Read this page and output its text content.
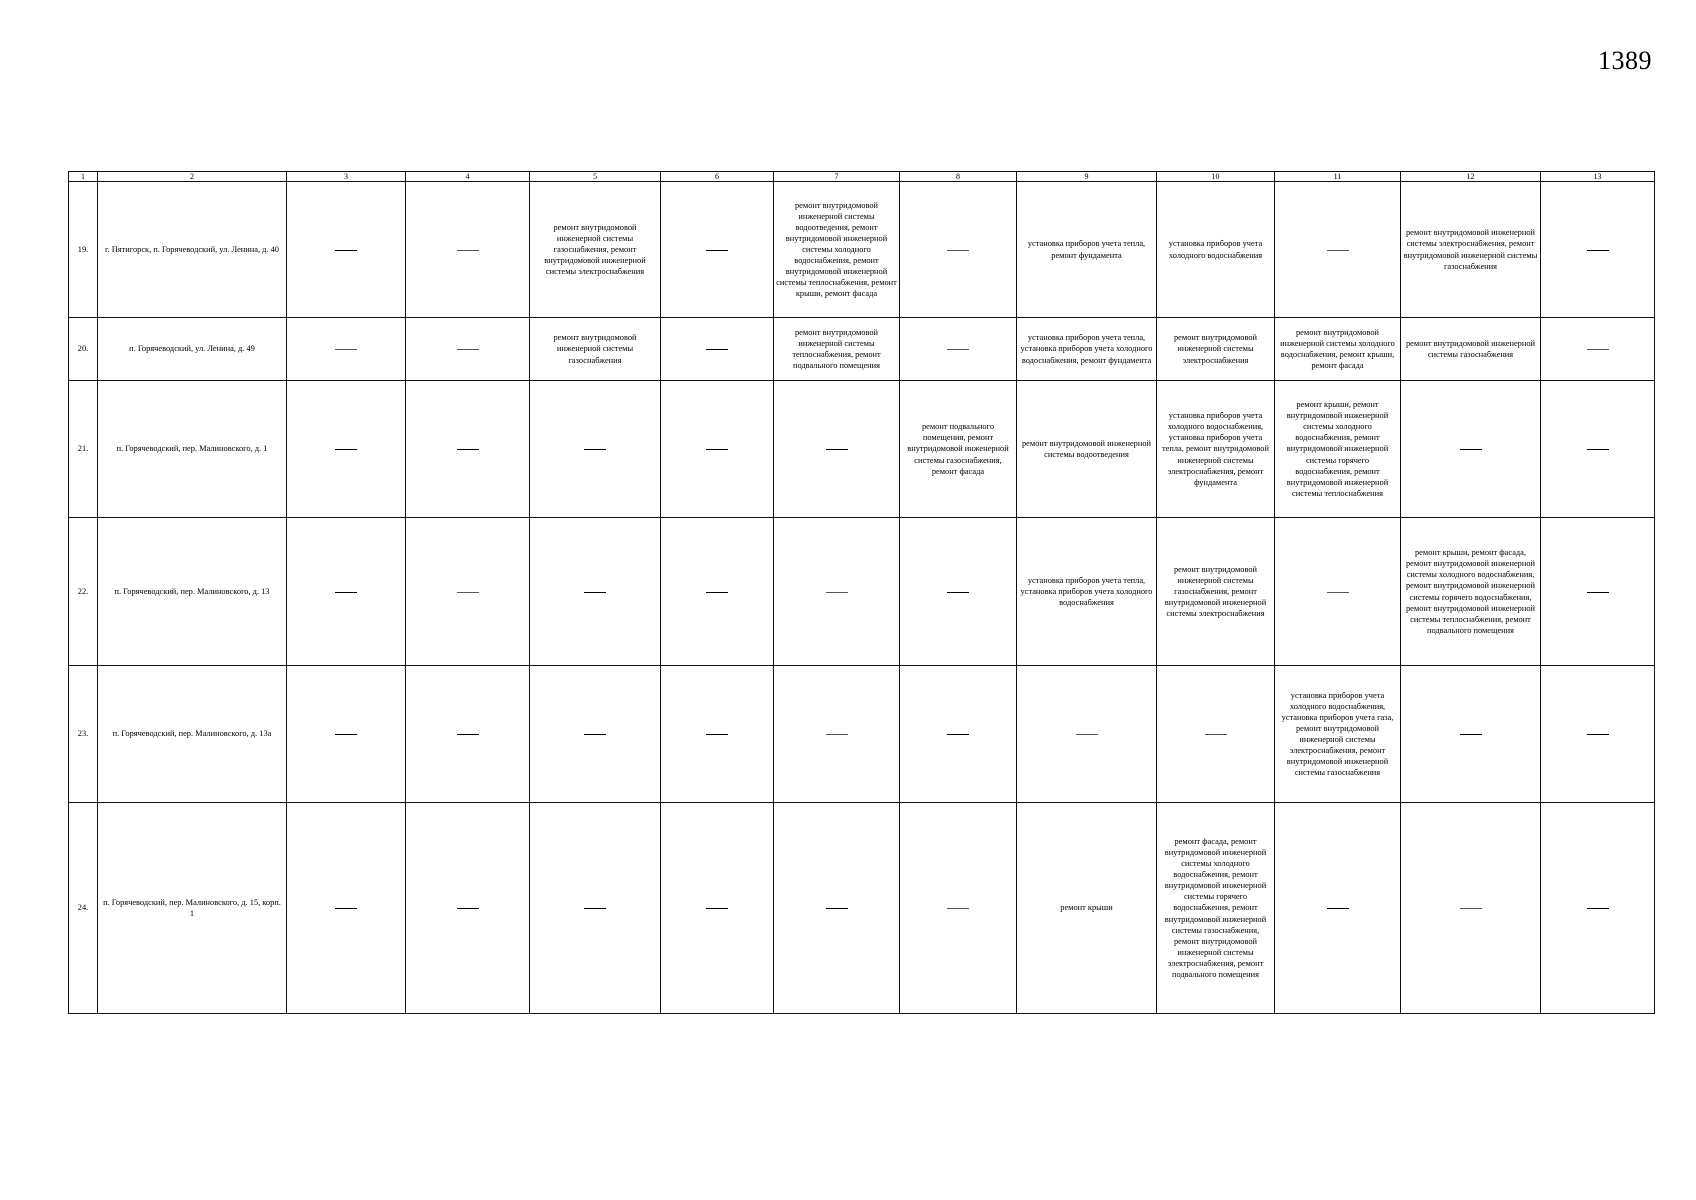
1389
1	2	3	4	5	6	7	8	9	10	11	12	13
19.	г. Пятигорск, п. Горячеводский, ул. Ленина, д. 40			ремонт внутридомовой инженерной системы газоснабжения, ремонт внутридомовой инженерной системы электроснабжения		ремонт внутридомовой инженерной системы водоотведения, ремонт внутридомовой инженерной системы холодного водоснабжения, ремонт внутридомовой инженерной системы теплоснабжения, ремонт крыши, ремонт фасада		установка приборов учета тепла, ремонт фундамента	установка приборов учета холодного водоснабжения		ремонт внутридомовой инженерной системы электроснабжения, ремонт внутридомовой инженерной системы газоснабжения	
20.	п. Горячеводский, ул. Ленина, д. 49			ремонт внутридомовой инженерной системы газоснабжения		ремонт внутридомовой инженерной системы теплоснабжения, ремонт подвального помещения		установка приборов учета тепла, установка приборов учета холодного водоснабжения, ремонт фундамента	ремонт внутридомовой инженерной системы электроснабжения	ремонт внутридомовой инженерной системы холодного водоснабжения, ремонт крыши, ремонт фасада	ремонт внутридомовой инженерной системы газоснабжения	
21.	п. Горячеводский, пер. Малиновского, д. 1						ремонт подвального помещения, ремонт внутридомовой инженерной системы газоснабжения, ремонт фасада	ремонт внутридомовой инженерной системы водоотведения	установка приборов учета холодного водоснабжения, установка приборов учета тепла, ремонт внутридомовой инженерной системы электроснабжения, ремонт фундамента	ремонт крыши, ремонт внутридомовой инженерной системы холодного водоснабжения, ремонт внутридомовой инженерной системы горячего водоснабжения, ремонт внутридомовой инженерной системы теплоснабжения		
22.	п. Горячеводский, пер. Малиновского, д. 13							установка приборов учета тепла, установка приборов учета холодного водоснабжения	ремонт внутридомовой инженерной системы газоснабжения, ремонт внутридомовой инженерной системы электроснабжения		ремонт крыши, ремонт фасада, ремонт внутридомовой инженерной системы холодного водоснабжения, ремонт внутридомовой инженерной системы горячего водоснабжения, ремонт внутридомовой инженерной системы теплоснабжения, ремонт подвального помещения	
23.	п. Горячеводский, пер. Малиновского, д. 13а									установка приборов учета холодного водоснабжения, установка приборов учета газа, ремонт внутридомовой инженерной системы электроснабжения, ремонт внутридомовой инженерной системы газоснабжения		
24.	п. Горячеводский, пер. Малиновского, д. 15, корп. 1							ремонт крыши	ремонт фасада, ремонт внутридомовой инженерной системы холодного водоснабжения, ремонт внутридомовой инженерной системы горячего водоснабжения, ремонт внутридомовой инженерной системы газоснабжения, ремонт внутридомовой инженерной системы электроснабжения, ремонт подвального помещения			
